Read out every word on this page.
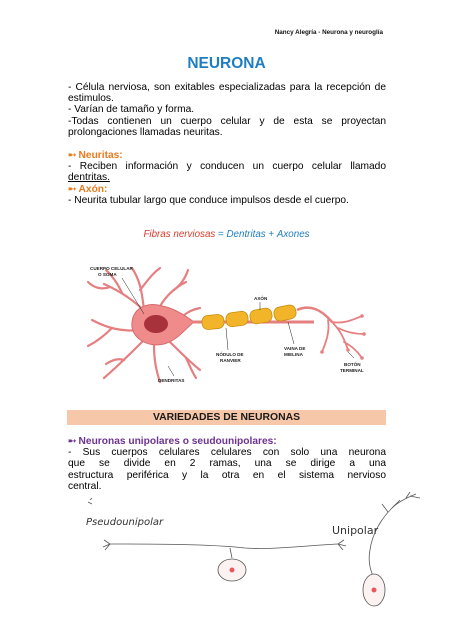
Nancy Alegría - Neurona y neuroglía
NEURONA
- Célula nerviosa, son exitables especializadas para la recepción de
estimulos.
- Varían de tamaño y forma.
-Todas contienen un cuerpo celular y de esta se proyectan
prolongaciones llamadas neuritas.
➸ Neuritas:
- Reciben información y conducen un cuerpo celular llamado
dentritas.
➸ Axón:
- Neurita tubular largo que conduce impulsos desde el cuerpo.
Fibras nerviosas = Dentritas + Axones
CUERPO CELULAR
O SOMA
AXÓN
NÓDULO DE
RANVIER
VAINA DE
MIELINA
BOTÓN
TERMINAL
DENDRITAS
VARIEDADES DE NEURONAS
➸ Neuronas unipolares o seudounipolares:
- Sus cuerpos celulares celulares con solo una neurona
que se divide en 2 ramas, una se dirige a una
estructura periférica y la otra en el sistema nervioso
central.
Pseudounipolar
Unipolar
